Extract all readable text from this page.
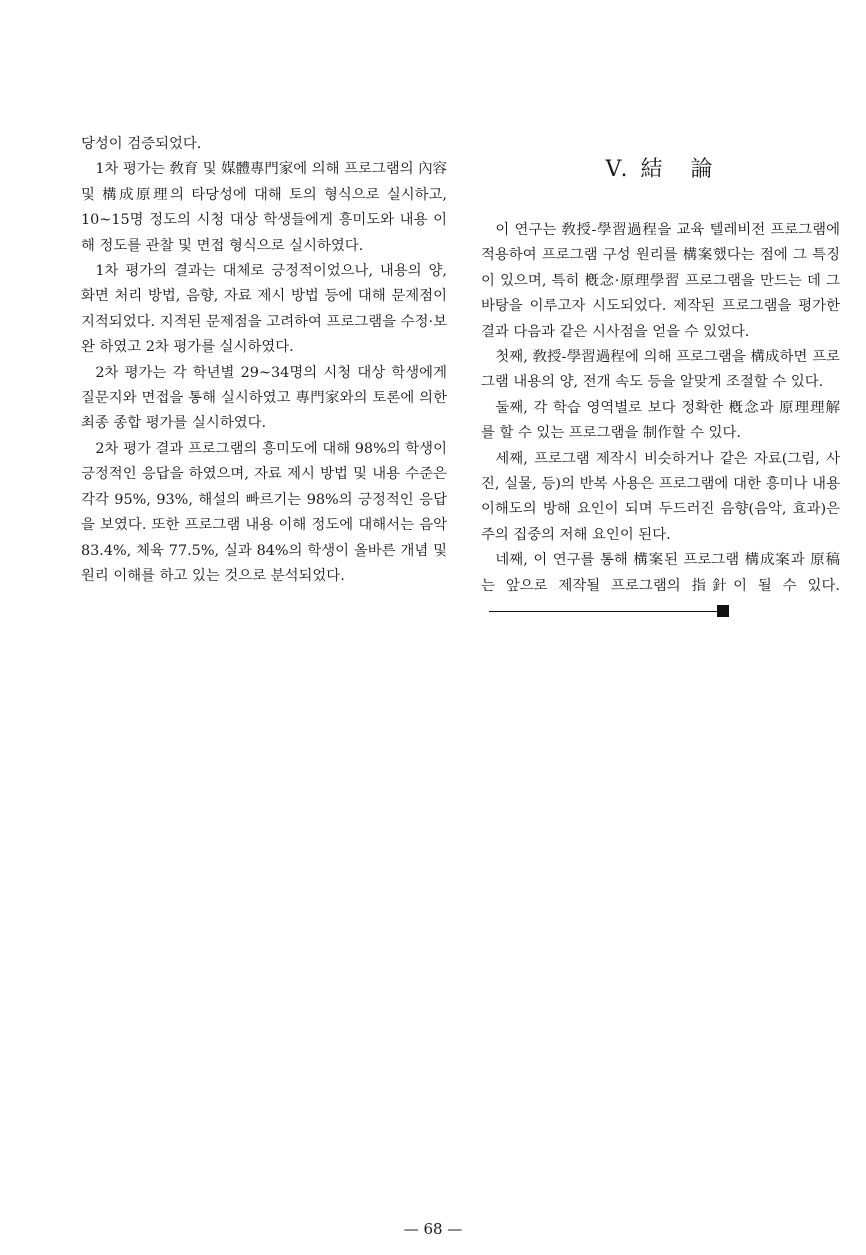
당성이 검증되었다.

1차 평가는 敎育 및 媒體專門家에 의해 프로그램의 內容 및 構成原理의 타당성에 대해 토의 형식으로 실시하고, 10~15명 정도의 시청 대상 학생들에게 흥미도와 내용 이해 정도를 관찰 및 면접 형식으로 실시하였다.

1차 평가의 결과는 대체로 긍정적이었으나, 내용의 양, 화면 처리 방법, 음향, 자료 제시 방법 등에 대해 문제점이 지적되었다. 지적된 문제점을 고려하여 프로그램을 수정·보완 하였고 2차 평가를 실시하였다.

2차 평가는 각 학년별 29~34명의 시청 대상 학생에게 질문지와 면접을 통해 실시하였고 專門家와의 토론에 의한 최종 종합 평가를 실시하였다.

2차 평가 결과 프로그램의 흥미도에 대해 98%의 학생이 긍정적인 응답을 하였으며, 자료 제시 방법 및 내용 수준은 각각 95%, 93%, 해설의 빠르기는 98%의 긍정적인 응답을 보였다. 또한 프로그램 내용 이해 정도에 대해서는 음악 83.4%, 체육 77.5%, 실과 84%의 학생이 올바른 개념 및 원리 이해를 하고 있는 것으로 분석되었다.

V. 結　論

이 연구는 敎授-學習過程을 교육 텔레비전 프로그램에 적용하여 프로그램 구성 원리를 構案했다는 점에 그 특징이 있으며, 특히 槪念·原理學習 프로그램을 만드는 데 그바탕을 이루고자 시도되었다. 제작된 프로그램을 평가한 결과 다음과 같은 시사점을 얻을 수 있었다.

첫째, 敎授-學習過程에 의해 프로그램을 構成하면 프로그램 내용의 양, 전개 속도 등을 알맞게 조절할 수 있다.

둘째, 각 학습 영역별로 보다 정확한 槪念과 原理理解를 할 수 있는 프로그램을 制作할 수 있다.

세째, 프로그램 제작시 비슷하거나 같은 자료(그림, 사진, 실물, 등)의 반복 사용은 프로그램에 대한 흥미나 내용 이해도의 방해 요인이 되며 두드러진 음향(음악, 효과)은 주의 집중의 저해 요인이 된다.

네째, 이 연구를 통해 構案된 프로그램 構成案과 原稿는 앞으로 제작될 프로그램의 指針이 될 수 있다.✕

— 68 —
